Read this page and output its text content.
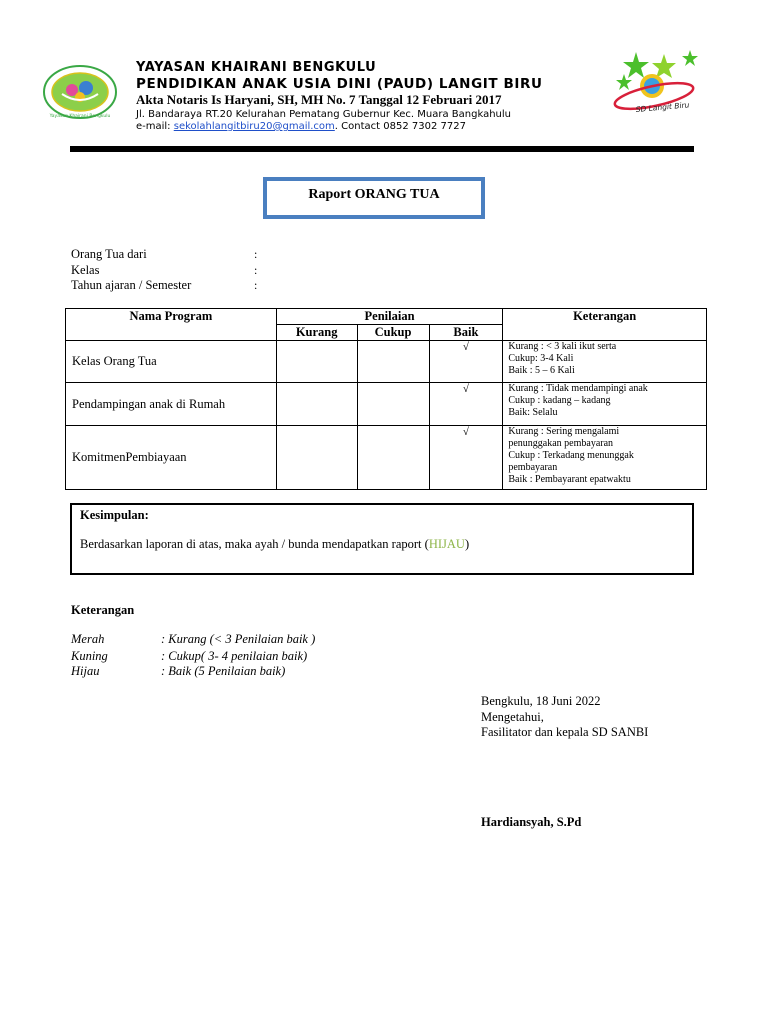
Yayasan Khairani Bengkulu
SD Langit Biru
YAYASAN KHAIRANI BENGKULU
PENDIDIKAN ANAK USIA DINI (PAUD) LANGIT BIRU
Akta Notaris Is Haryani, SH, MH No. 7 Tanggal 12 Februari 2017
Jl. Bandaraya RT.20 Kelurahan Pematang Gubernur Kec. Muara Bangkahulu
e-mail: sekolahlangitbiru20@gmail.com. Contact 0852 7302 7727
Raport ORANG TUA
Orang Tua dari	:
Kelas	:
Tahun ajaran / Semester	:
Nama Program	Penilaian			Keterangan
	Kurang	Cukup	Baik	
Kelas Orang Tua			√	Kurang : < 3 kali ikut serta
Cukup: 3-4 Kali
Baik : 5 – 6 Kali

Pendampingan anak di Rumah			√	Kurang : Tidak mendampingi anak
Cukup : kadang – kadang
Baik: Selalu

KomitmenPembiayaan			√	Kurang : Sering mengalami
penunggakan pembayaran
Cukup : Terkadang menunggak
pembayaran
Baik : Pembayarant epatwaktu
Kesimpulan:
Berdasarkan laporan di atas, maka ayah / bunda mendapatkan raport (HIJAU)
Keterangan
Merah	: Kurang (< 3 Penilaian baik )
Kuning	: Cukup( 3- 4 penilaian baik)
Hijau	: Baik (5 Penilaian baik)
Bengkulu, 18 Juni 2022
Mengetahui,
Fasilitator dan kepala SD SANBI
Hardiansyah, S.Pd
